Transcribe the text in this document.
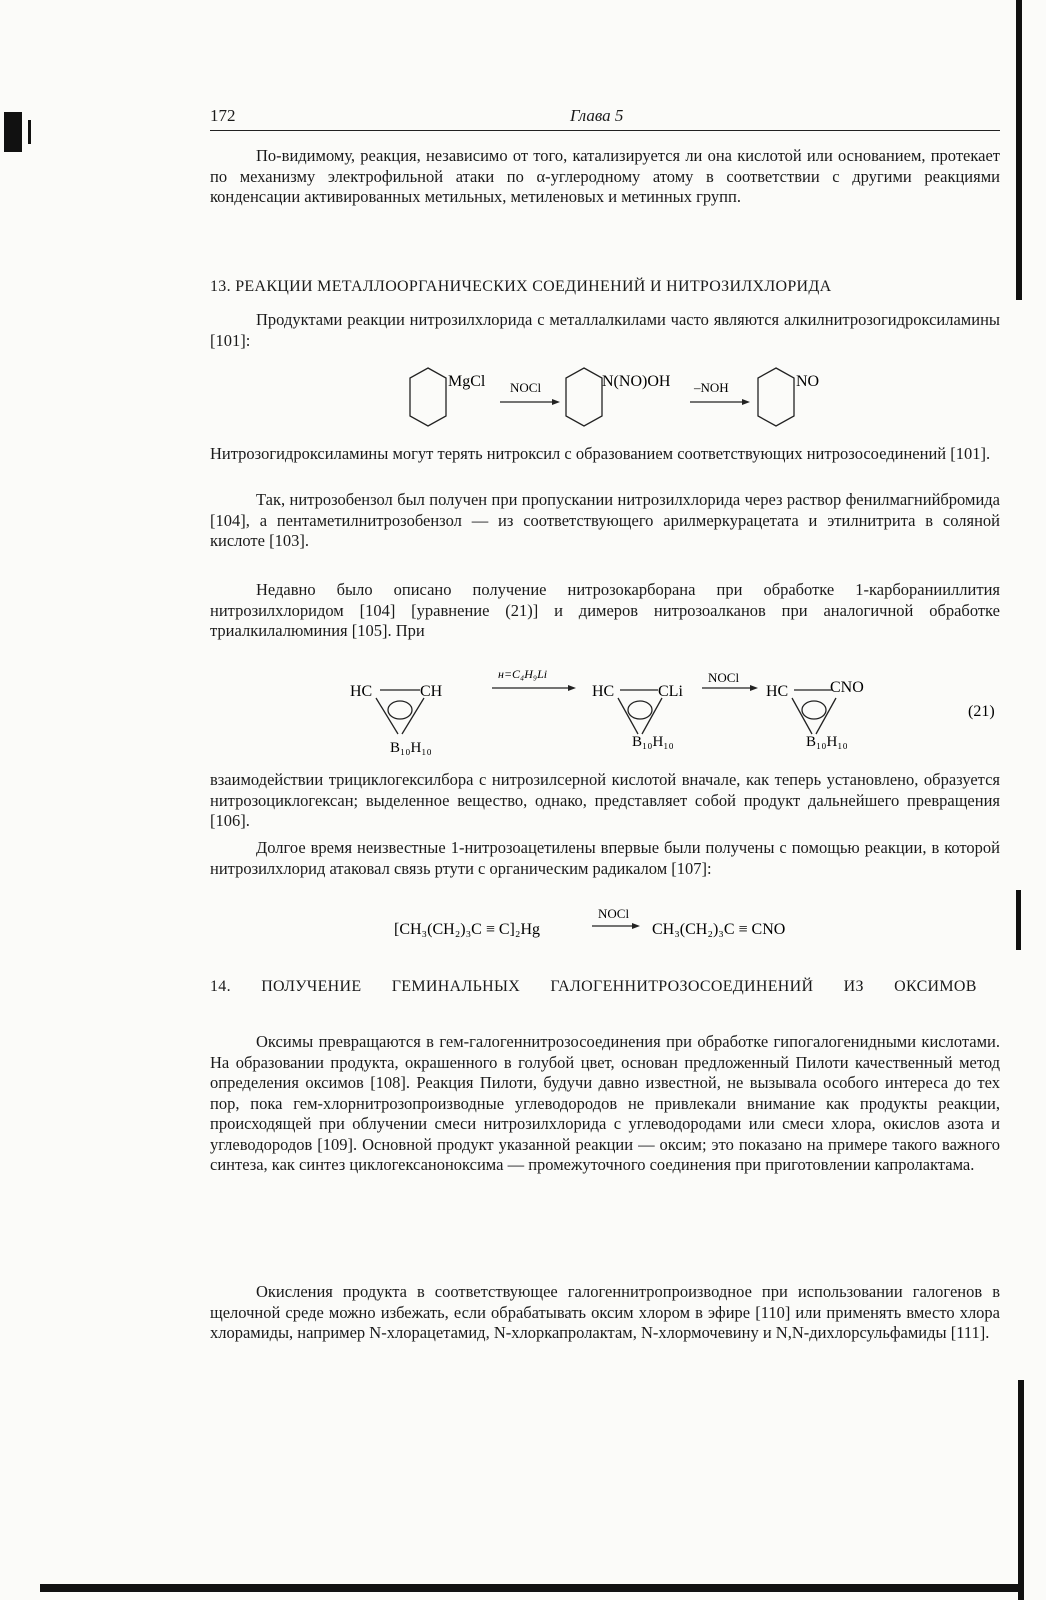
172	Глава 5

По-видимому, реакция, независимо от того, катализируется ли она кислотой или основанием, протекает по механизму электрофильной атаки по α-углеродному атому в соответствии с другими реакциями конденсации активированных метильных, метиленовых и метинных групп.

13. РЕАКЦИИ МЕТАЛЛООРГАНИЧЕСКИХ СОЕДИНЕНИЙ И НИТРОЗИЛХЛОРИДА

Продуктами реакции нитрозилхлорида с металлалкилами часто являются алкилнитрозогидроксиламины [101]:

MgCl NOCl	N(NO)OH –NOH	NO

Нитрозогидроксиламины могут терять нитроксил с образованием соответствующих нитрозосоединений [101].

Так, нитрозобензол был получен при пропускании нитрозилхлорида через раствор фенилмагнийбромида [104], а пентаметилнитрозобензол — из соответствующего арилмеркурацетата и этилнитрита в соляной кислоте [103].

Недавно было описано получение нитрозокарборана при обработке 1-карборанииллития нитрозилхлоридом [104] [уравнение (21)] и димеров нитрозоалканов при аналогичной обработке триалкилалюминия [105]. При

HC	CH
B₁₀H₁₀
н=C₄H₉Li
HC	CLi
B₁₀H₁₀
NOCl
HC	CNO
B₁₀H₁₀
(21)

взаимодействии трициклогексилбора с нитрозилсерной кислотой вначале, как теперь установлено, образуется нитрозоциклогексан; выделенное вещество, однако, представляет собой продукт дальнейшего превращения [106].

Долгое время неизвестные 1-нитрозоацетилены впервые были получены с помощью реакции, в которой нитрозилхлорид атаковал связь ртути с органическим радикалом [107]:

[CH₃(CH₂)₃C ≡ C]₂Hg
NOCl
CH₃(CH₂)₃C ≡ CNO

14. ПОЛУЧЕНИЕ ГЕМИНАЛЬНЫХ ГАЛОГЕННИТРОЗОСОЕДИНЕНИЙ ИЗ ОКСИМОВ

Оксимы превращаются в гем-галогеннитрозосоединения при обработке гипогалогенидными кислотами. На образовании продукта, окрашенного в голубой цвет, основан предложенный Пилоти качественный метод определения оксимов [108]. Реакция Пилоти, будучи давно известной, не вызывала особого интереса до тех пор, пока гем-хлорнитрозопроизводные углеводородов не привлекали внимание как продукты реакции, происходящей при облучении смеси нитрозилхлорида с углеводородами или смеси хлора, окислов азота и углеводородов [109]. Основной продукт указанной реакции — оксим; это показано на примере такого важного синтеза, как синтез циклогексаноноксима — промежуточного соединения при приготовлении капролактама.

Окисления продукта в соответствующее галогеннитропроизводное при использовании галогенов в щелочной среде можно избежать, если обрабатывать оксим хлором в эфире [110] или применять вместо хлора хлорамиды, например N-хлорацетамид, N-хлоркапролактам, N-хлормочевину и N,N-дихлорсульфамиды [111].
